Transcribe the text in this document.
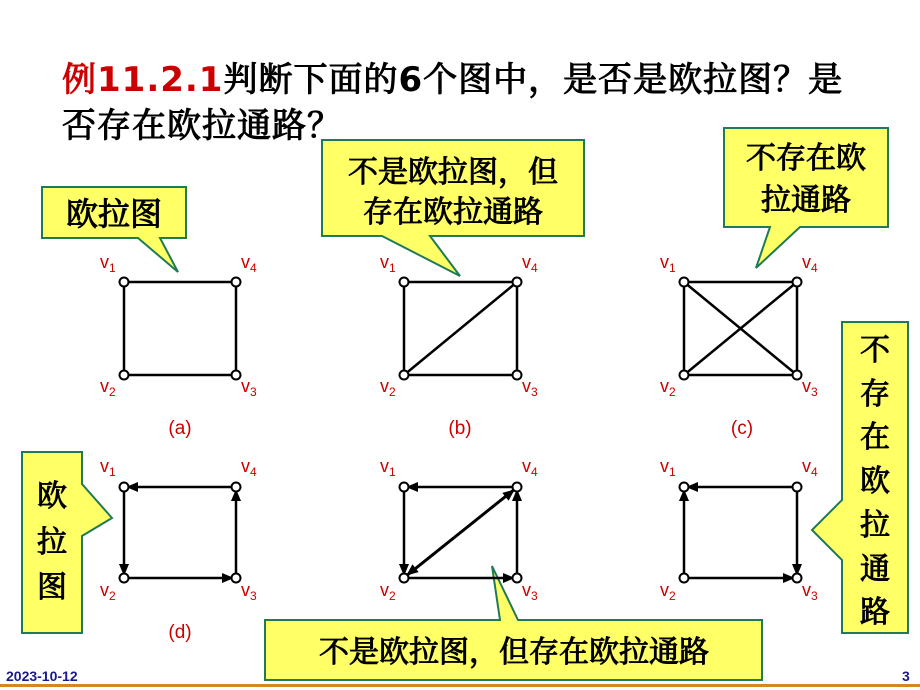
欧拉图
不是欧拉图，但
存在欧拉通路
不存在欧
拉通路
欧
拉
图
不是欧拉图，但存在欧拉通路
不
存
在
欧
拉
通
路
$v_1$	$v_4$
$v_2$	$v_3$
$v_1$	$v_4$
$v_2$	$v_3$
$v_1$	$v_4$
$v_2$	$v_3$
$v_1$	$v_4$
$v_2$	$v_3$
$v_1$	$v_4$
$v_2$	$v_3$
$v_1$	$v_4$
$v_2$	$v_3$
(a)	(b)	(c)
(d)
例11.2.1判断下面的6个图中，是否是欧拉图？是
否存在欧拉通路？
2023-10-12	3
